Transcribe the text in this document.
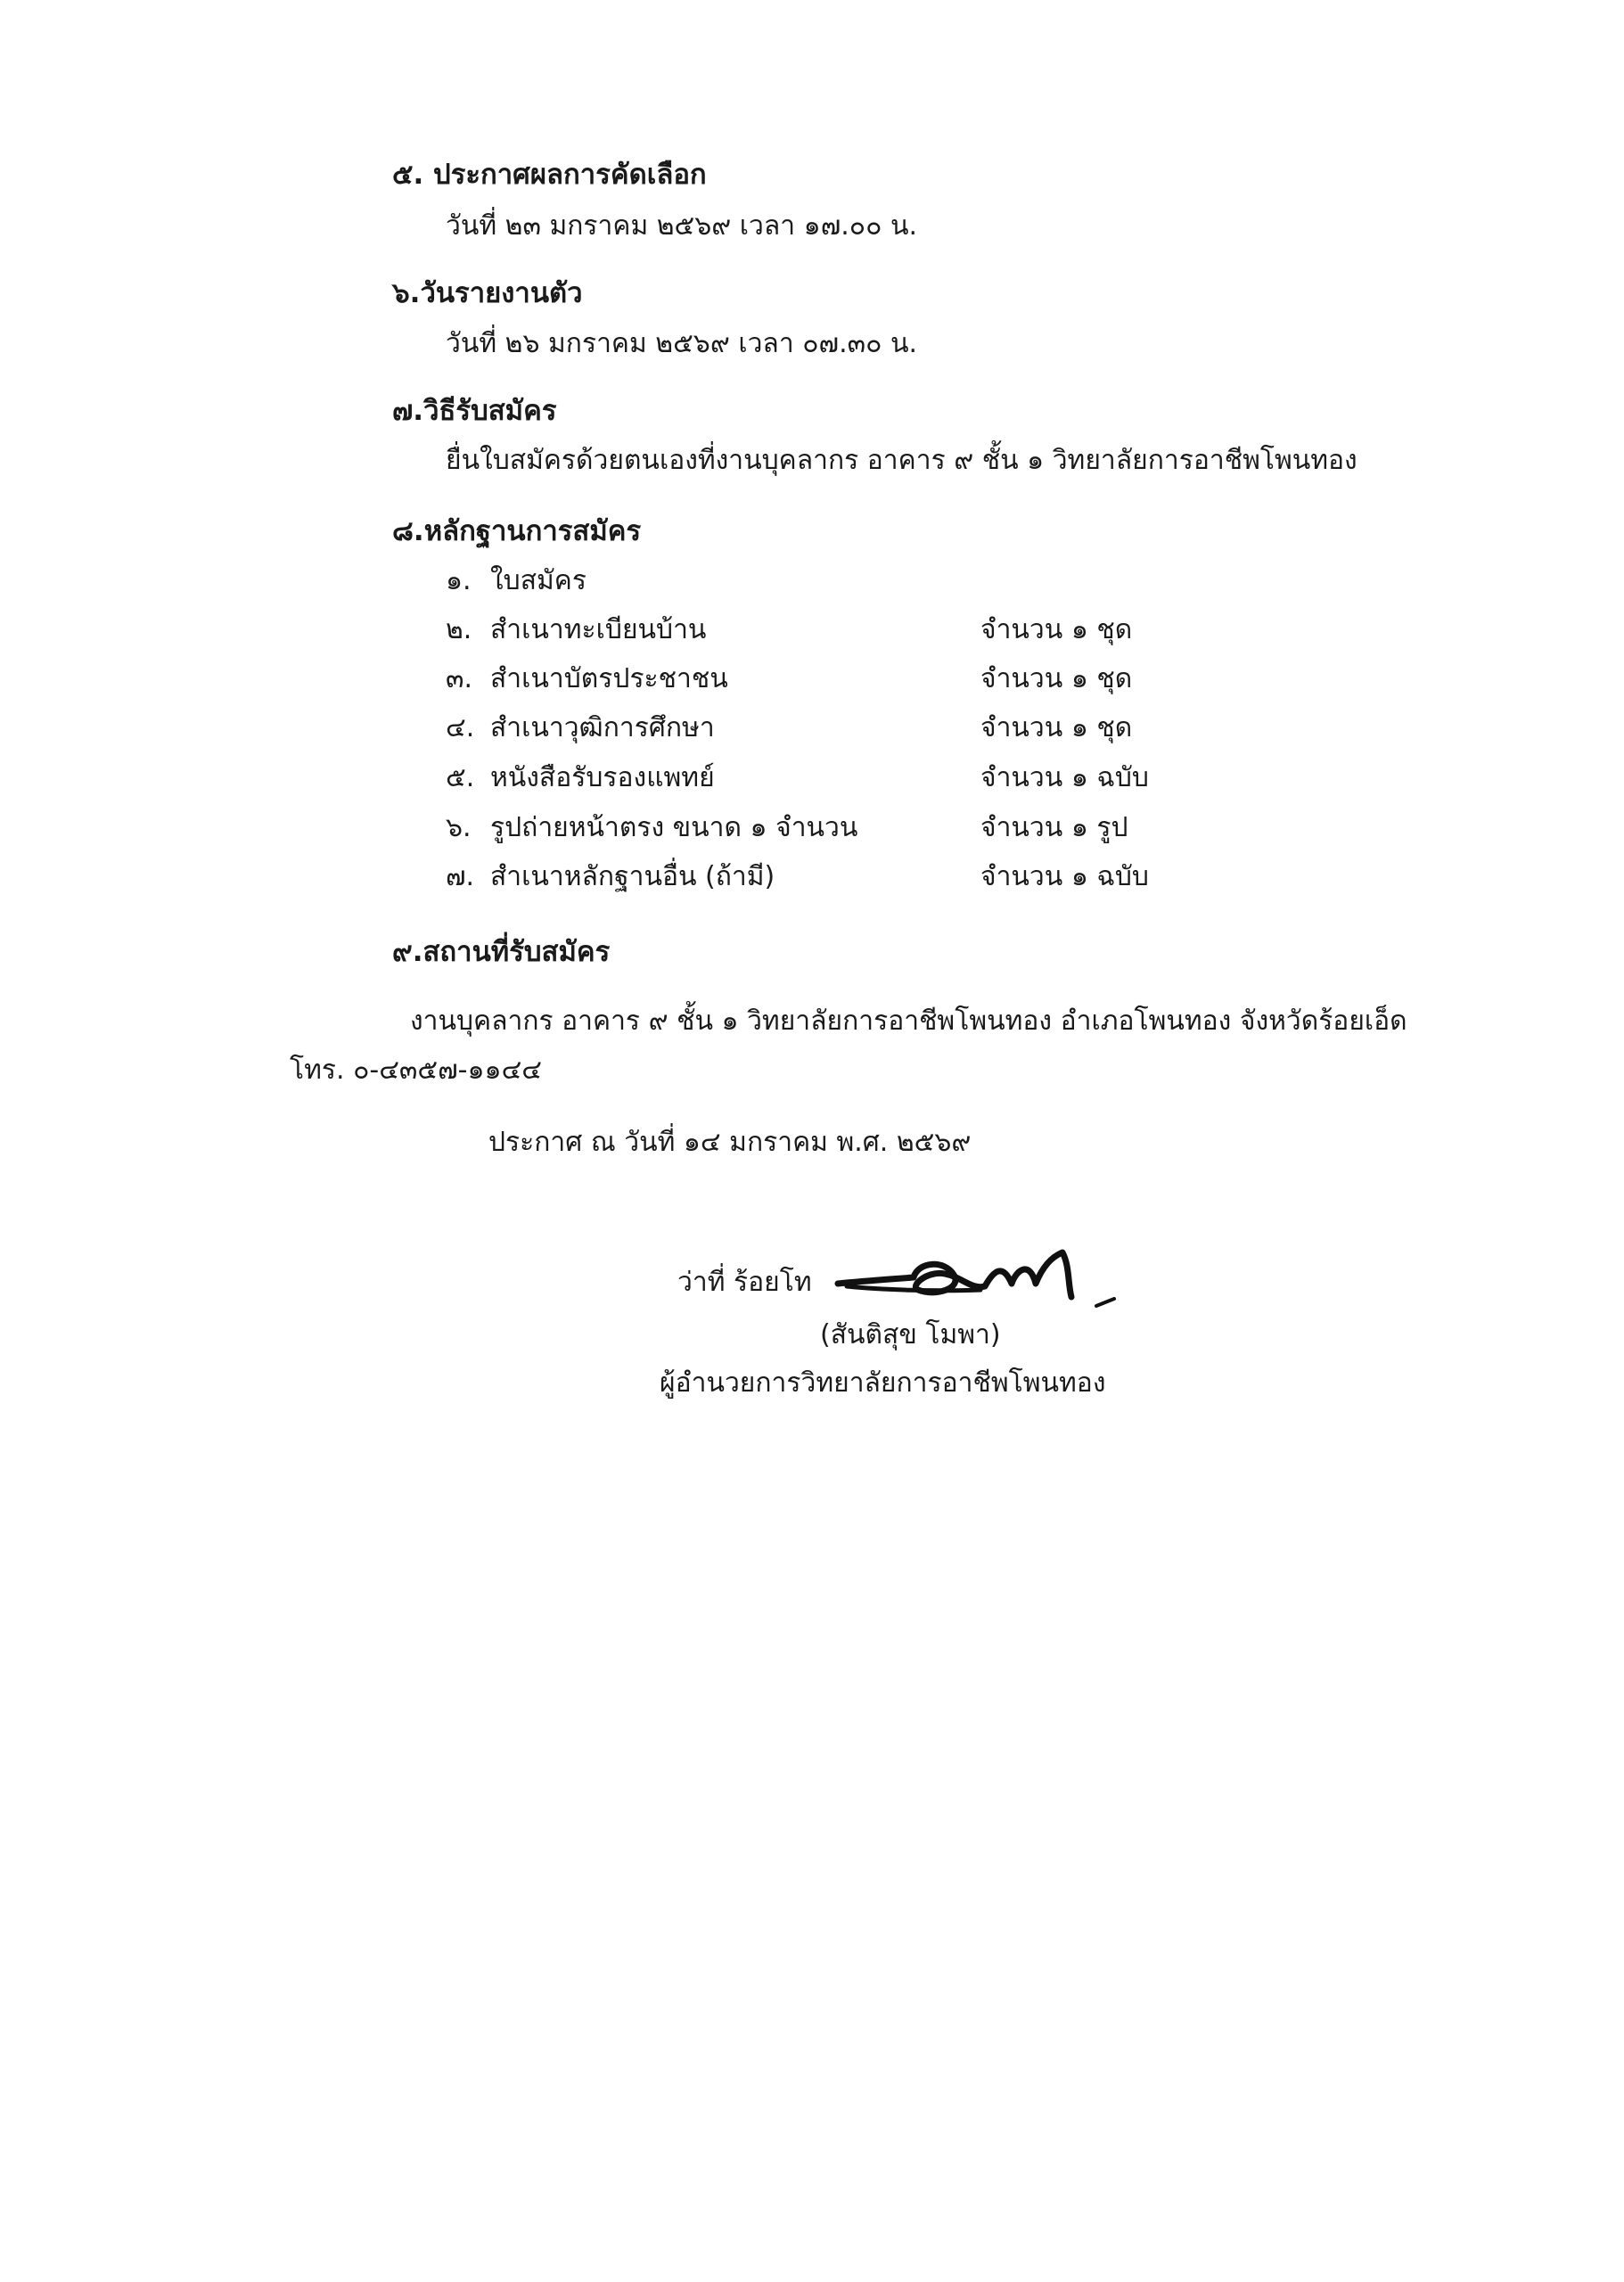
๕. ประกาศผลการคัดเลือก
วันที่ ๒๓ มกราคม ๒๕๖๙ เวลา ๑๗.๐๐ น.
๖.วันรายงานตัว
วันที่ ๒๖ มกราคม ๒๕๖๙ เวลา ๐๗.๓๐ น.
๗.วิธีรับสมัคร
ยื่นใบสมัครด้วยตนเองที่งานบุคลากร อาคาร ๙ ชั้น ๑ วิทยาลัยการอาชีพโพนทอง
๘.หลักฐานการสมัคร
๑. ใบสมัคร
๒. สำเนาทะเบียนบ้าน	จำนวน ๑ ชุด
๓. สำเนาบัตรประชาชน	จำนวน ๑ ชุด
๔. สำเนาวุฒิการศึกษา	จำนวน ๑ ชุด
๕. หนังสือรับรองแพทย์	จำนวน ๑ ฉบับ
๖. รูปถ่ายหน้าตรง ขนาด ๑ จำนวน	จำนวน ๑ รูป
๗. สำเนาหลักฐานอื่น (ถ้ามี)	จำนวน ๑ ฉบับ
๙.สถานที่รับสมัคร
งานบุคลากร อาคาร ๙ ชั้น ๑ วิทยาลัยการอาชีพโพนทอง อำเภอโพนทอง จังหวัดร้อยเอ็ด
โทร. ๐-๔๓๕๗-๑๑๔๔
ประกาศ ณ วันที่ ๑๔ มกราคม พ.ศ. ๒๕๖๙
ว่าที่ ร้อยโท
(สันติสุข โมพา)
ผู้อำนวยการวิทยาลัยการอาชีพโพนทอง
